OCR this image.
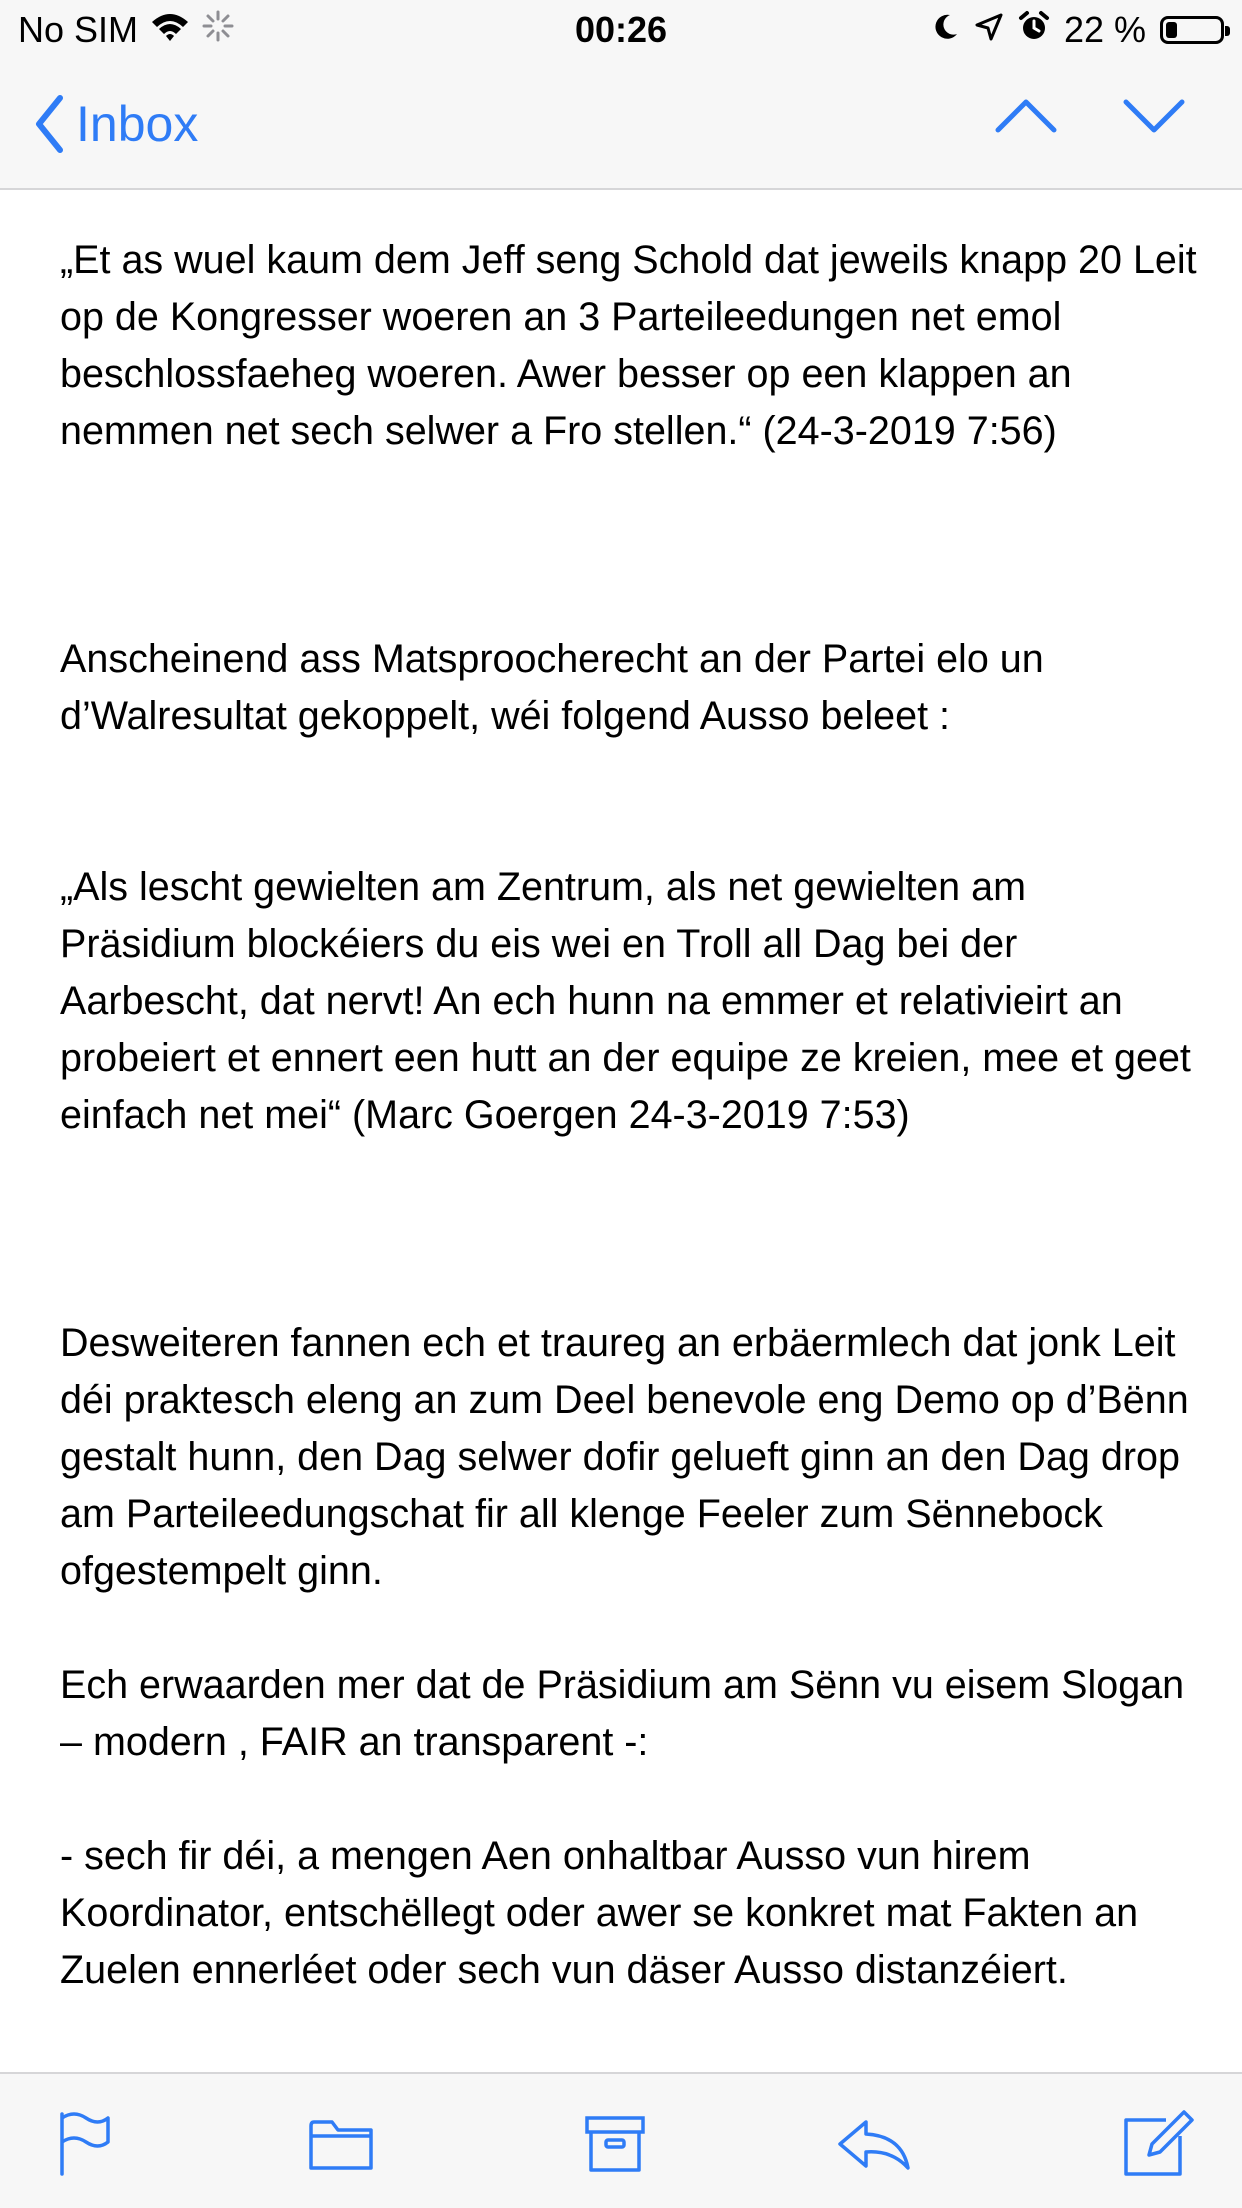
No SIM	00:26	22 %
Inbox

„Et as wuel kaum dem Jeff seng Schold dat jeweils knapp 20 Leit op de Kongresser woeren an 3 Parteileedungen net emol beschlossfaeheg woeren. Awer besser op een klappen an nemmen net sech selwer a Fro stellen.“ (24-3-2019 7:56)

Anscheinend ass Matsproocherecht an der Partei elo un d’Walresultat gekoppelt, wéi folgend Ausso beleet :

„Als lescht gewielten am Zentrum, als net gewielten am Präsidium blockéiers du eis wei en Troll all Dag bei der Aarbescht, dat nervt! An ech hunn na emmer et relativieirt an probeiert et ennert een hutt an der equipe ze kreien, mee et geet einfach net mei“ (Marc Goergen 24-3-2019 7:53)

Desweiteren fannen ech et traureg an erbäermlech dat jonk Leit déi praktesch eleng an zum Deel benevole eng Demo op d’Bënn gestalt hunn, den Dag selwer dofir gelueft ginn an den Dag drop am Parteileedungschat fir all klenge Feeler zum Sënnebock ofgestempelt ginn.

Ech erwaarden mer dat de Präsidium am Sënn vu eisem Slogan – modern , FAIR an transparent -:

- sech fir déi, a mengen Aen onhaltbar Ausso vun hirem Koordinator, entschëllegt oder awer se konkret mat Fakten an Zuelen ennerléet oder sech vun däser Ausso distanzéiert.
